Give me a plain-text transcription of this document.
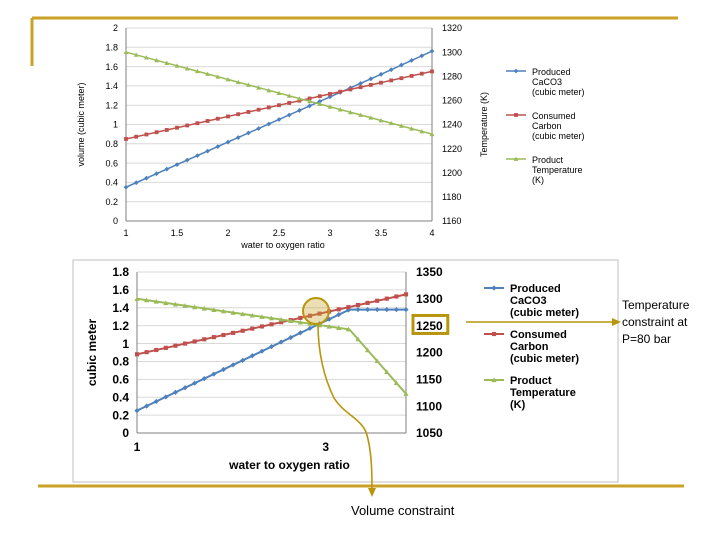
0
0.2
0.4
0.6
0.8
1
1.2
1.4
1.6
1.8
2
1160
1180
1200
1220
1240
1260
1280
1300
1320
1	1.5	2	2.5	3	3.5	4
water to oxygen ratio
volume (cubic meter)	Temperature (K)
Produced
CaCO3
(cubic meter)
Consumed
Carbon
(cubic meter)
Product
Temperature
(K)
0
0.2
0.4
0.6
0.8
1
1.2
1.4
1.6
1.8
1050
1100
1150
1200
1250
1300
1350
1	3
water to oxygen ratio
cubic meter
Produced
CaCO3
(cubic meter)
Consumed
Carbon
(cubic meter)
Product
Temperature
(K)
Temperature
constraint at
P=80 bar
Volume constraint
